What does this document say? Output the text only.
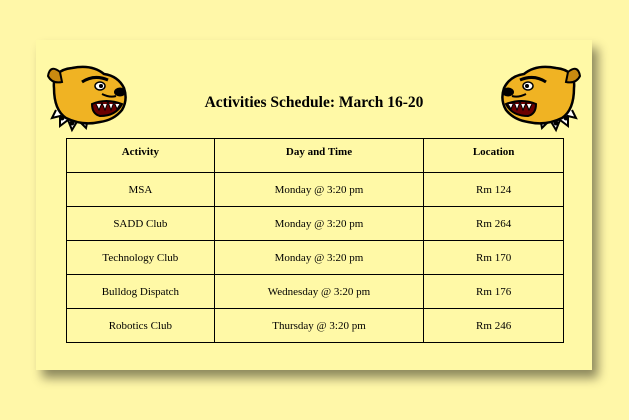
Activities Schedule: March 16-20
Activity	Day and Time	Location
MSA	Monday @ 3:20 pm	Rm 124
SADD Club	Monday @ 3:20 pm	Rm 264
Technology Club	Monday @ 3:20 pm	Rm 170
Bulldog Dispatch	Wednesday @ 3:20 pm	Rm 176
Robotics Club	Thursday @ 3:20 pm	Rm 246
